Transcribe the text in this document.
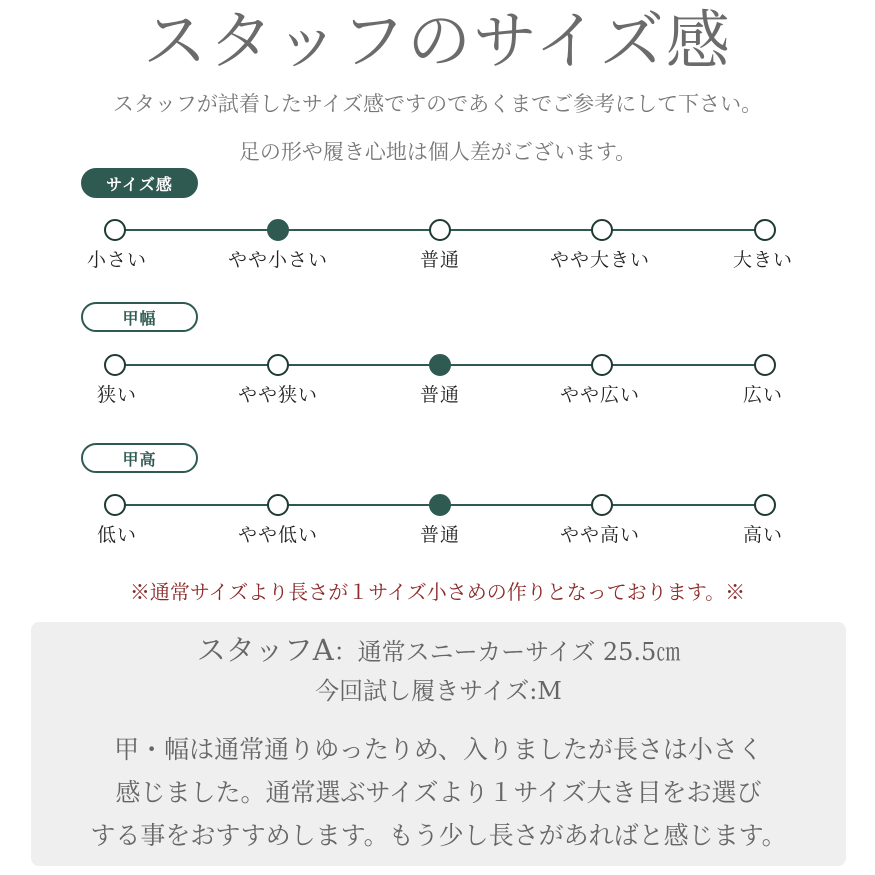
スタッフのサイズ感
スタッフが試着したサイズ感ですのであくまでご参考にして下さい。
足の形や履き心地は個人差がございます。
サイズ感
小さい	やや小さい	普通	やや大きい	大きい
甲幅
狭い	やや狭い	普通	やや広い	広い
甲高
低い	やや低い	普通	やや高い	高い
※通常サイズより長さが１サイズ小さめの作りとなっております。※
スタッフA：通常スニーカーサイズ 25.5㎝
今回試し履きサイズ:M
甲・幅は通常通りゆったりめ、入りましたが長さは小さく
感じました。通常選ぶサイズより１サイズ大き目をお選び
する事をおすすめします。もう少し長さがあればと感じます。
